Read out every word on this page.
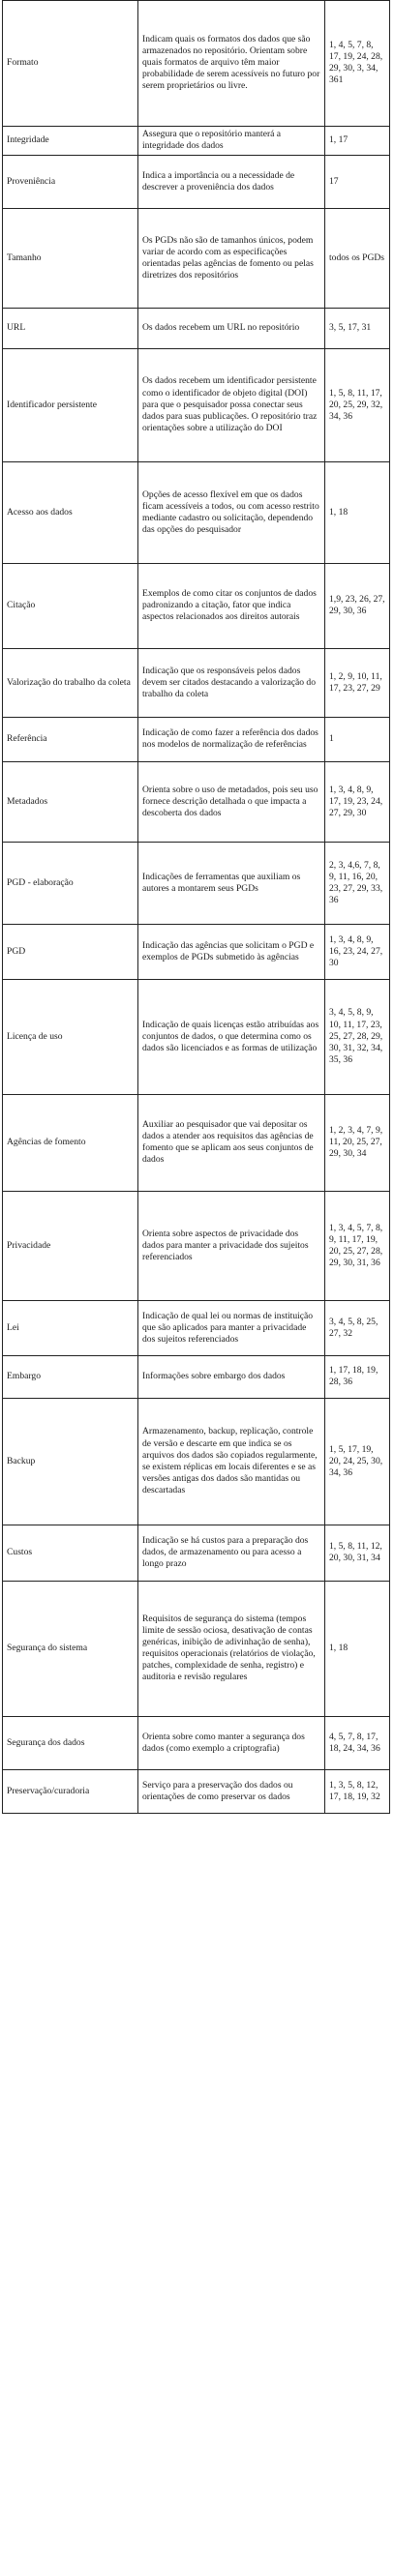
Formato	Indicam quais os formatos dos dados que são armazenados no repositório. Orientam sobre quais formatos de arquivo têm maior probabilidade de serem acessíveis no futuro por serem proprietários ou livre.	1, 4, 5, 7, 8, 17, 19, 24, 28, 29, 30, 3, 34, 361
Integridade	Assegura que o repositório manterá a integridade dos dados	1, 17
Proveniência	Indica a importância ou a necessidade de descrever a proveniência dos dados	17
Tamanho	Os PGDs não são de tamanhos únicos, podem variar de acordo com as especificações orientadas pelas agências de fomento ou pelas diretrizes dos repositórios	todos os PGDs
URL	Os dados recebem um URL no repositório	3, 5, 17, 31
Identificador persistente	Os dados recebem um identificador persistente como o identificador de objeto digital (DOI) para que o pesquisador possa conectar seus dados para suas publicações. O repositório traz orientações sobre a utilização do DOI	1, 5, 8, 11, 17, 20, 25, 29, 32, 34, 36
Acesso aos dados	Opções de acesso flexível em que os dados ficam acessíveis a todos, ou com acesso restrito mediante cadastro ou solicitação, dependendo das opções do pesquisador	1, 18
Citação	Exemplos de como citar os conjuntos de dados padronizando a citação, fator que indica aspectos relacionados aos direitos autorais	1,9, 23, 26, 27, 29, 30, 36
Valorização do trabalho da coleta	Indicação que os responsáveis pelos dados devem ser citados destacando a valorização do trabalho da coleta	1, 2, 9, 10, 11, 17, 23, 27, 29
Referência	Indicação de como fazer a referência dos dados nos modelos de normalização de referências	1
Metadados	Orienta sobre o uso de metadados, pois seu uso fornece descrição detalhada o que impacta a descoberta dos dados	1, 3, 4, 8, 9, 17, 19, 23, 24, 27, 29, 30
PGD - elaboração	Indicações de ferramentas que auxiliam os autores a montarem seus PGDs	2, 3, 4,6, 7, 8, 9, 11, 16, 20, 23, 27, 29, 33, 36
PGD	Indicação das agências que solicitam o PGD e exemplos de PGDs submetido às agências	1, 3, 4, 8, 9, 16, 23, 24, 27, 30
Licença de uso	Indicação de quais licenças estão atribuídas aos conjuntos de dados, o que determina como os dados são licenciados e as formas de utilização	3, 4, 5, 8, 9, 10, 11, 17, 23, 25, 27, 28, 29, 30, 31, 32, 34, 35, 36
Agências de fomento	Auxiliar ao pesquisador que vai depositar os dados a atender aos requisitos das agências de fomento que se aplicam aos seus conjuntos de dados	1, 2, 3, 4, 7, 9, 11, 20, 25, 27, 29, 30, 34
Privacidade	Orienta sobre aspectos de privacidade dos dados para manter a privacidade dos sujeitos referenciados	1, 3, 4, 5, 7, 8, 9, 11, 17, 19, 20, 25, 27, 28, 29, 30, 31, 36
Lei	Indicação de qual lei ou normas de instituição que são aplicados para manter a privacidade dos sujeitos referenciados	3, 4, 5, 8, 25, 27, 32
Embargo	Informações sobre embargo dos dados	1, 17, 18, 19, 28, 36
Backup	Armazenamento, backup, replicação, controle de versão e descarte em que indica se os arquivos dos dados são copiados regularmente, se existem réplicas em locais diferentes e se as versões antigas dos dados são mantidas ou descartadas	1, 5, 17, 19, 20, 24, 25, 30, 34, 36
Custos	Indicação se há custos para a preparação dos dados, de armazenamento ou para acesso a longo prazo	1, 5, 8, 11, 12, 20, 30, 31, 34
Segurança do sistema	Requisitos de segurança do sistema (tempos limite de sessão ociosa, desativação de contas genéricas, inibição de adivinhação de senha), requisitos operacionais (relatórios de violação, patches, complexidade de senha, registro) e auditoria e revisão regulares	1, 18
Segurança dos dados	Orienta sobre como manter a segurança dos dados (como exemplo a criptografia)	4, 5, 7, 8, 17, 18, 24, 34, 36
Preservação/curadoria	Serviço para a preservação dos dados ou orientações de como preservar os dados	1, 3, 5, 8, 12, 17, 18, 19, 32
